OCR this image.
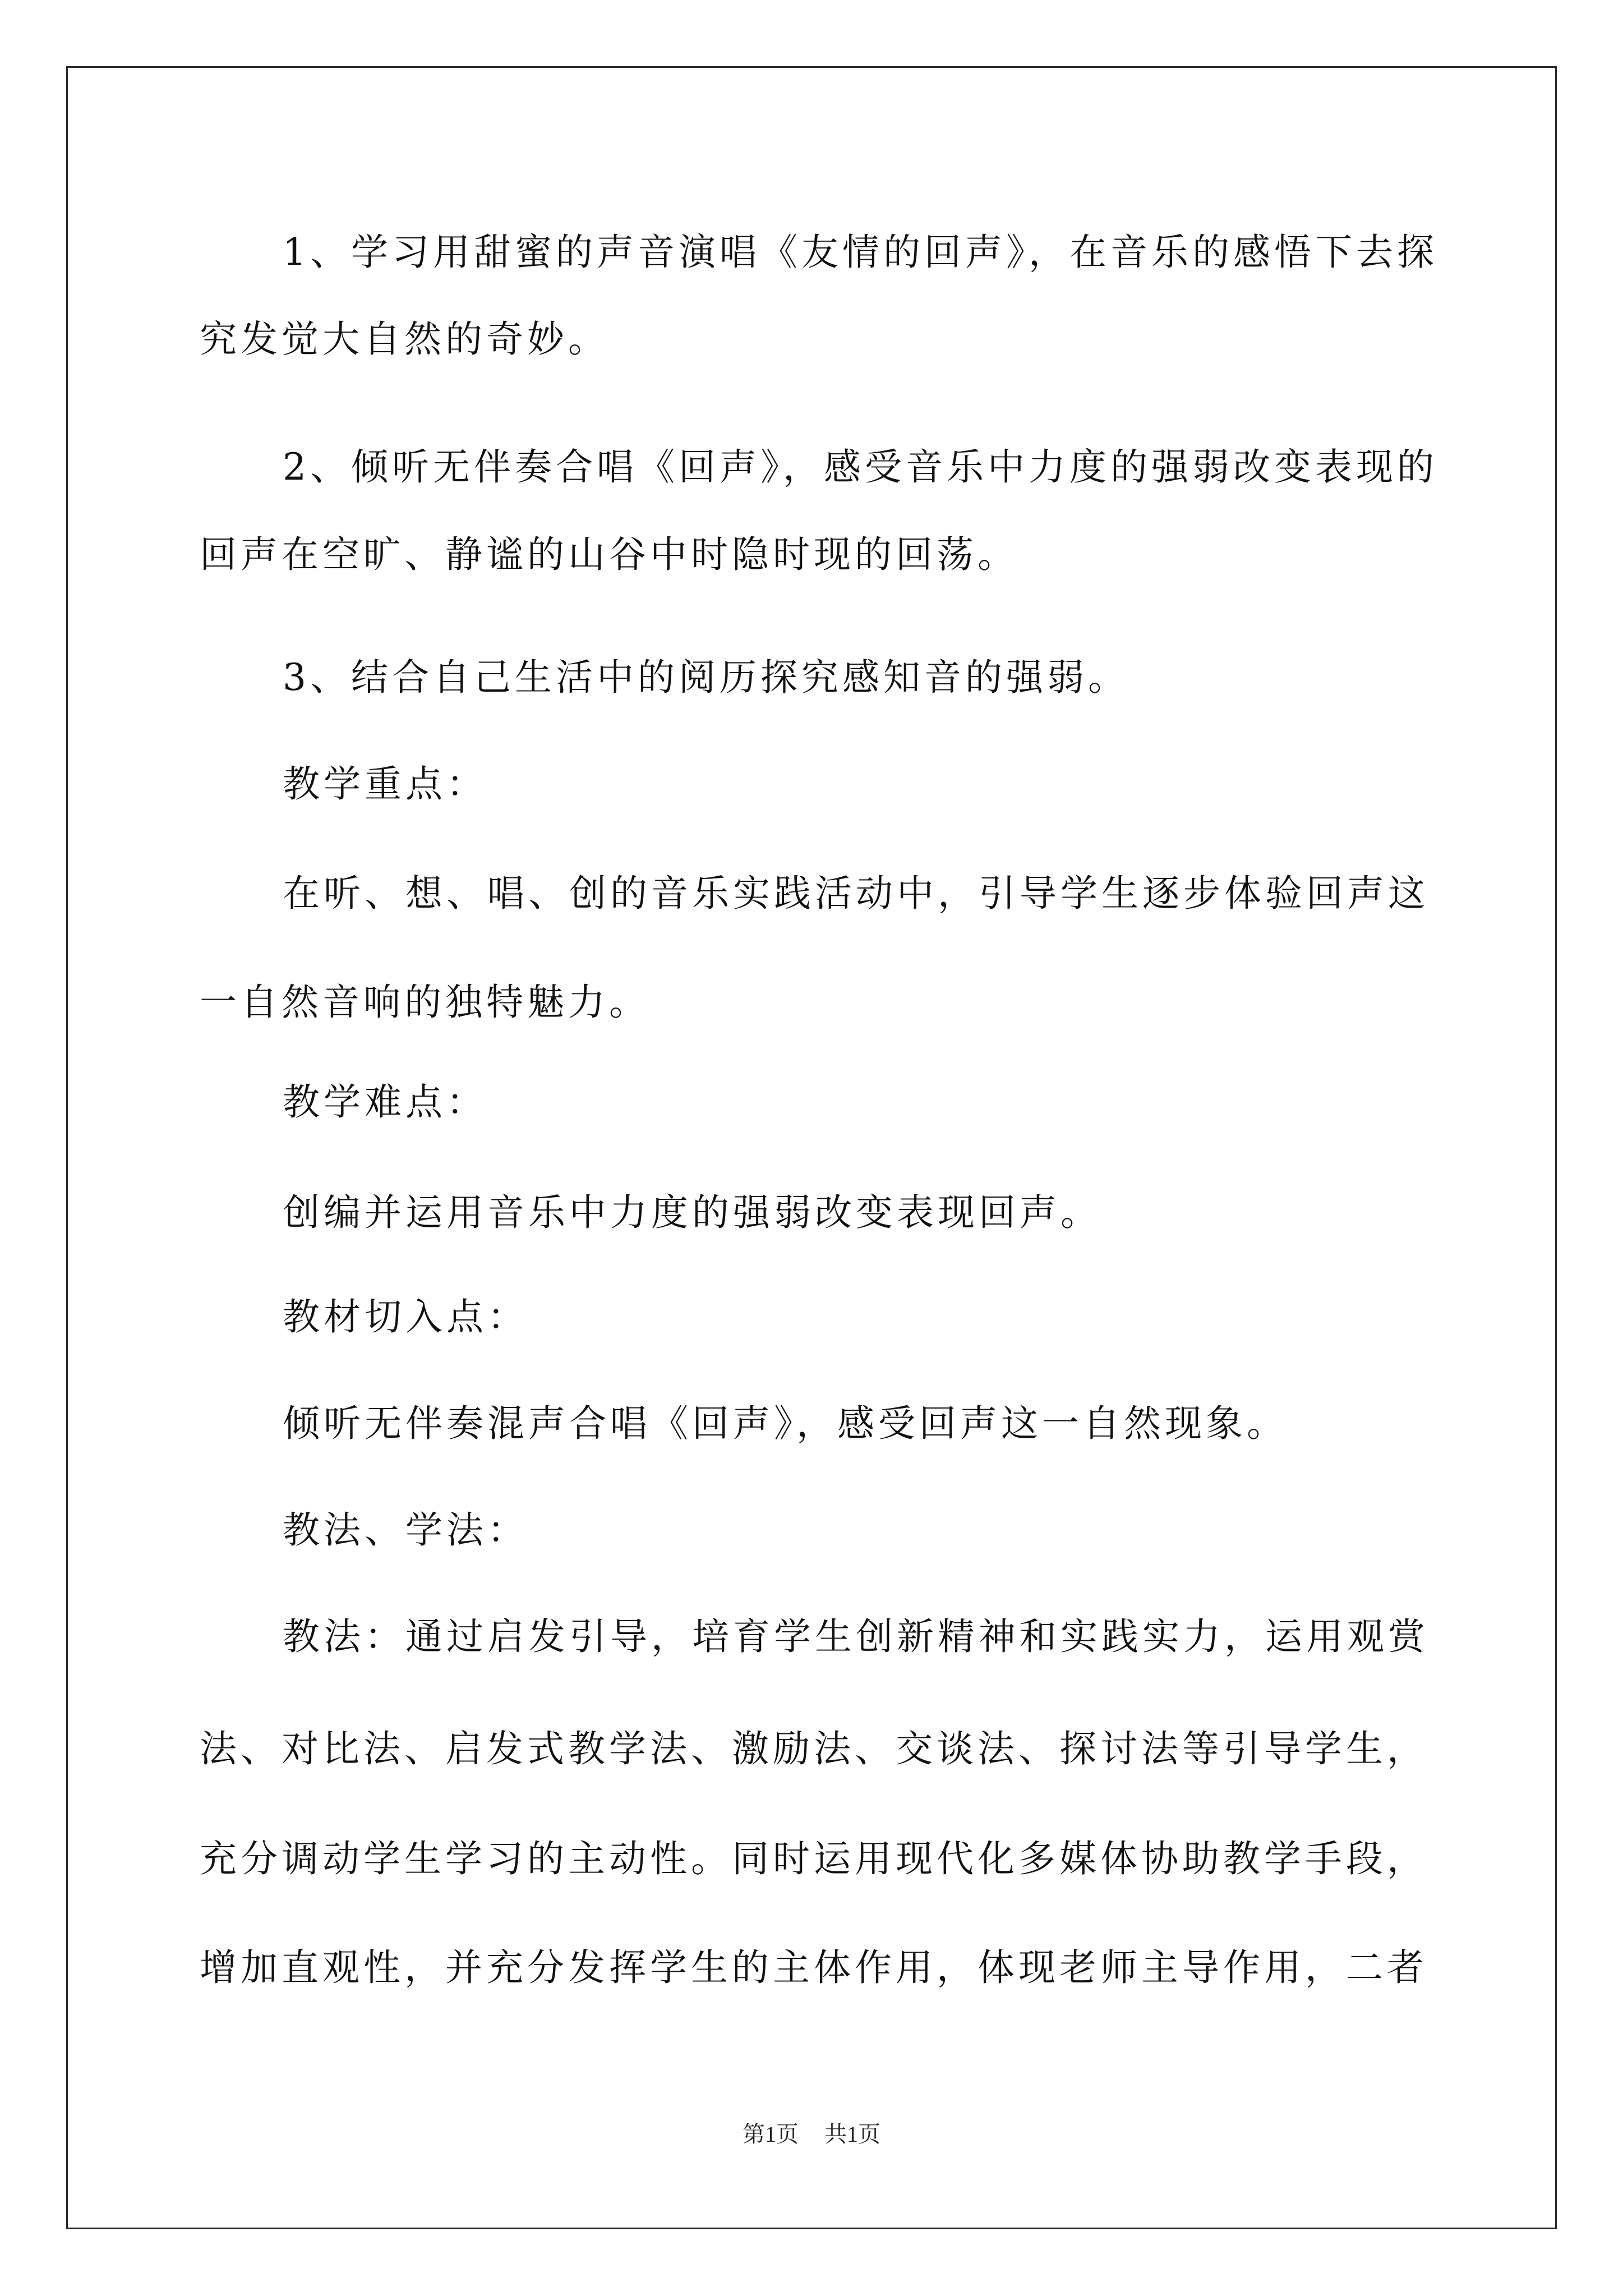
1、学习用甜蜜的声音演唱《友情的回声》，在音乐的感悟下去探
究发觉大自然的奇妙。
2、倾听无伴奏合唱《回声》，感受音乐中力度的强弱改变表现的
回声在空旷、静谧的山谷中时隐时现的回荡。
3、结合自己生活中的阅历探究感知音的强弱。
教学重点：
在听、想、唱、创的音乐实践活动中，引导学生逐步体验回声这
一自然音响的独特魅力。
教学难点：
创编并运用音乐中力度的强弱改变表现回声。
教材切入点：
倾听无伴奏混声合唱《回声》，感受回声这一自然现象。
教法、学法：
教法：通过启发引导，培育学生创新精神和实践实力，运用观赏
法、对比法、启发式教学法、激励法、交谈法、探讨法等引导学生，
充分调动学生学习的主动性。同时运用现代化多媒体协助教学手段，
增加直观性，并充分发挥学生的主体作用，体现老师主导作用，二者
第1页 共1页
